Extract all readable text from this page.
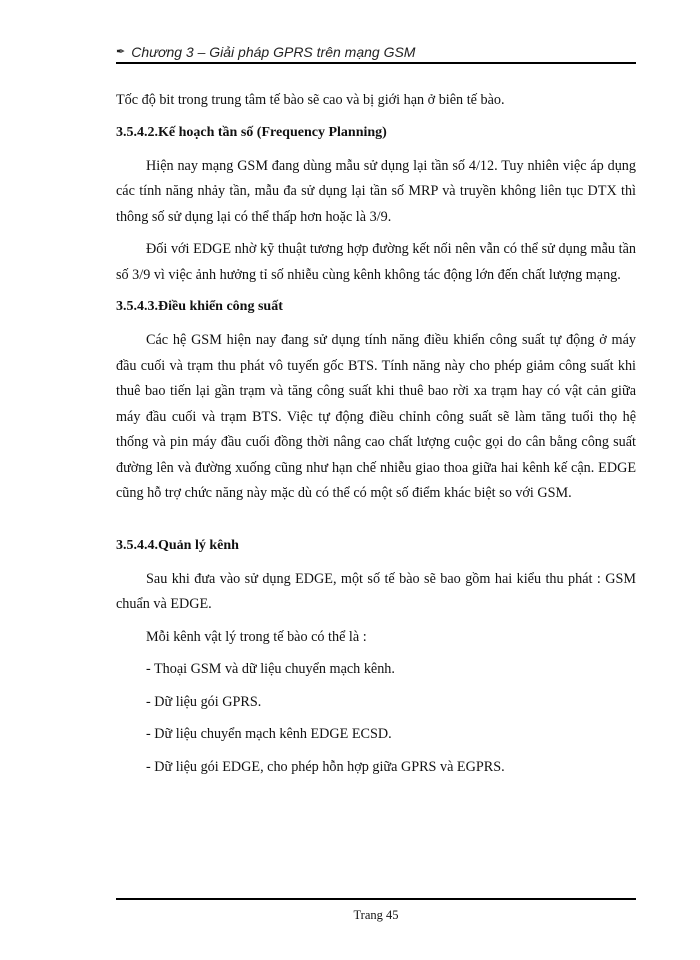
✒ Chương 3 – Giải pháp GPRS trên mạng GSM

Tốc độ bit trong trung tâm tế bào sẽ cao và bị giới hạn ở biên tế bào.

3.5.4.2.Kế hoạch tần số (Frequency Planning)

Hiện nay mạng GSM đang dùng mẫu sử dụng lại tần số 4/12. Tuy nhiên việc áp dụng các tính năng nhảy tần, mẫu đa sử dụng lại tần số MRP và truyền không liên tục DTX thì thông số sử dụng lại có thể thấp hơn hoặc là 3/9.

Đối với EDGE nhờ kỹ thuật tương hợp đường kết nối nên vẫn có thể sử dụng mẫu tần số 3/9 vì việc ảnh hưởng tỉ số nhiễu cùng kênh không tác động lớn đến chất lượng mạng.

3.5.4.3.Điều khiển công suất

Các hệ GSM hiện nay đang sử dụng tính năng điều khiển công suất tự động ở máy đầu cuối và trạm thu phát vô tuyến gốc BTS. Tính năng này cho phép giảm công suất khi thuê bao tiến lại gần trạm và tăng công suất khi thuê bao rời xa trạm hay có vật cản giữa máy đầu cuối và trạm BTS. Việc tự động điều chỉnh công suất sẽ làm tăng tuổi thọ hệ thống và pin máy đầu cuối đồng thời nâng cao chất lượng cuộc gọi do cân bằng công suất đường lên và đường xuống cũng như hạn chế nhiễu giao thoa giữa hai kênh kế cận. EDGE cũng hỗ trợ chức năng này mặc dù có thể có một số điểm khác biệt so với GSM.

3.5.4.4.Quản lý kênh

Sau khi đưa vào sử dụng EDGE, một số tế bào sẽ bao gồm hai kiểu thu phát : GSM chuẩn và EDGE.

Mỗi kênh vật lý trong tế bào có thể là :

- Thoại GSM và dữ liệu chuyển mạch kênh.

- Dữ liệu gói GPRS.

- Dữ liệu chuyển mạch kênh EDGE ECSD.

- Dữ liệu gói EDGE, cho phép hỗn hợp giữa GPRS và EGPRS.

Trang 45
